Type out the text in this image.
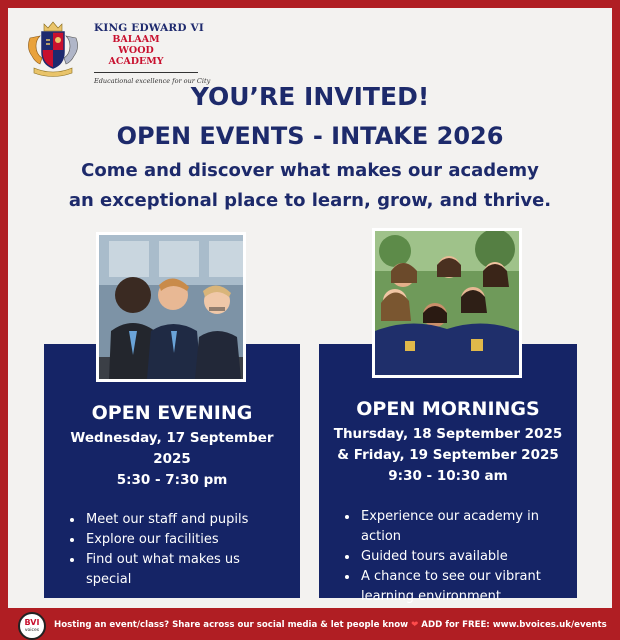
KING EDWARD VI
BALAAM WOOD ACADEMY
Educational excellence for our City
YOU’RE INVITED!
OPEN EVENTS - INTAKE 2026
Come and discover what makes our academy
an exceptional place to learn, grow, and thrive.
OPEN EVENING
Wednesday, 17 September
2025
5:30 - 7:30 pm
Meet our staff and pupils
Explore our facilities
Find out what makes us special
OPEN MORNINGS
Thursday, 18 September 2025
& Friday, 19 September 2025
9:30 - 10:30 am
Experience our academy in action
Guided tours available
A chance to see our vibrant learning environment
BVI
voices
Hosting an event/class? Share across our social media & let people know ❤ ADD for FREE: www.bvoices.uk/events
